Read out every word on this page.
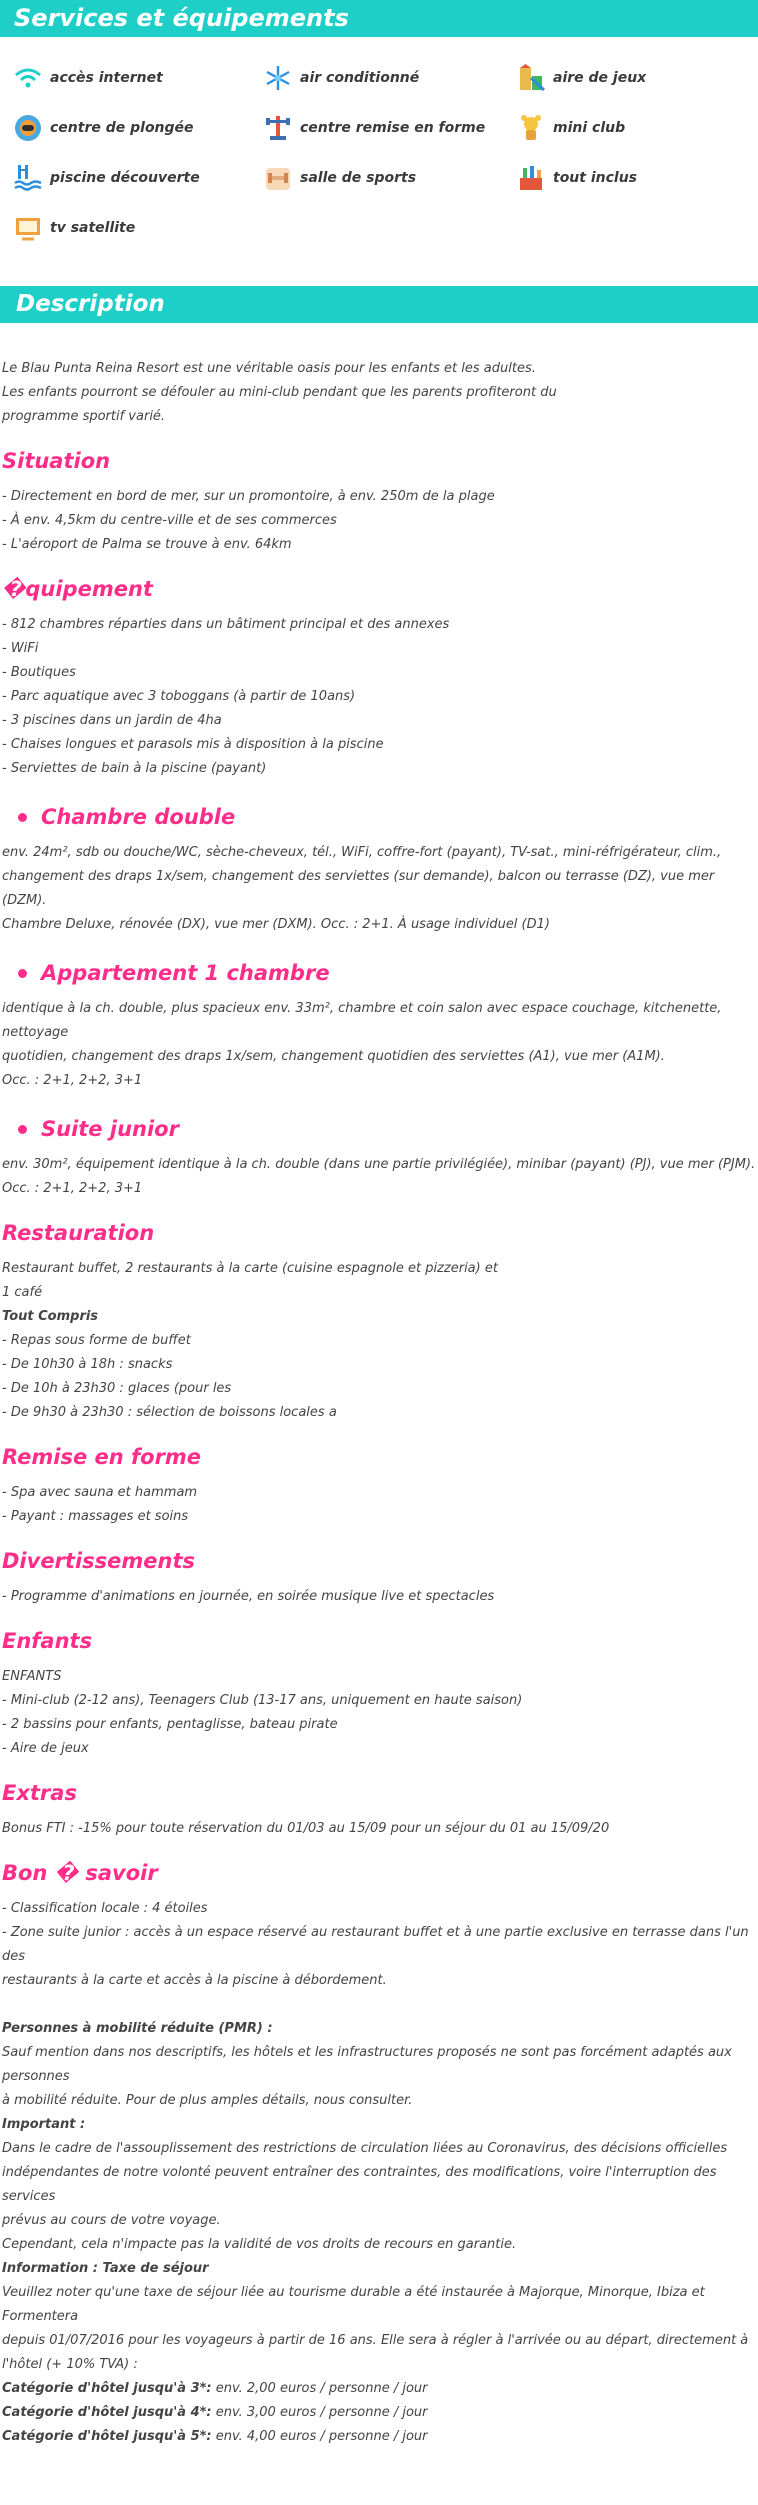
Services et équipements
accès internet	air conditionné	aire de jeux
centre de plongée	centre remise en forme	mini club
piscine découverte	salle de sports	tout inclus
tv satellite
Description

Le Blau Punta Reina Resort est une véritable oasis pour les enfants et les adultes.

Les enfants pourront se défouler au mini-club pendant que les parents profiteront du

programme sportif varié.

Situation

- Directement en bord de mer, sur un promontoire, à env. 250m de la plage

- À env. 4,5km du centre-ville et de ses commerces

- L'aéroport de Palma se trouve à env. 64km

�quipement

- 812 chambres réparties dans un bâtiment principal et des annexes

- WiFi

- Boutiques

- Parc aquatique avec 3 toboggans (à partir de 10ans)

- 3 piscines dans un jardin de 4ha

- Chaises longues et parasols mis à disposition à la piscine

- Serviettes de bain à la piscine (payant)

Chambre double

env. 24m², sdb ou douche/WC, sèche-cheveux, tél., WiFi, coffre-fort (payant), TV-sat., mini-réfrigérateur, clim.,

changement des draps 1x/sem, changement des serviettes (sur demande), balcon ou terrasse (DZ), vue mer (DZM).

Chambre Deluxe, rénovée (DX), vue mer (DXM). Occ. : 2+1. À usage individuel (D1)

Appartement 1 chambre

identique à la ch. double, plus spacieux env. 33m², chambre et coin salon avec espace couchage, kitchenette, nettoyage

quotidien, changement des draps 1x/sem, changement quotidien des serviettes (A1), vue mer (A1M).

Occ. : 2+1, 2+2, 3+1

Suite junior

env. 30m², équipement identique à la ch. double (dans une partie privilégiée), minibar (payant) (PJ), vue mer (PJM).

Occ. : 2+1, 2+2, 3+1

Restauration

Restaurant buffet, 2 restaurants à la carte (cuisine espagnole et pizzeria) et

1 café

Tout Compris

- Repas sous forme de buffet

- De 10h30 à 18h : snacks

- De 10h à 23h30 : glaces (pour les

- De 9h30 à 23h30 : sélection de boissons locales a

Remise en forme

- Spa avec sauna et hammam

- Payant : massages et soins

Divertissements

- Programme d'animations en journée, en soirée musique live et spectacles

Enfants

ENFANTS

- Mini-club (2-12 ans), Teenagers Club (13-17 ans, uniquement en haute saison)

- 2 bassins pour enfants, pentaglisse, bateau pirate

- Aire de jeux

Extras

Bonus FTI : -15% pour toute réservation du 01/03 au 15/09 pour un séjour du 01 au 15/09/20

Bon � savoir

- Classification locale : 4 étoiles

- Zone suite junior : accès à un espace réservé au restaurant buffet et à une partie exclusive en terrasse dans l'un des

restaurants à la carte et accès à la piscine à débordement.

Personnes à mobilité réduite (PMR) :

Sauf mention dans nos descriptifs, les hôtels et les infrastructures proposés ne sont pas forcément adaptés aux personnes

à mobilité réduite. Pour de plus amples détails, nous consulter.

Important :

Dans le cadre de l'assouplissement des restrictions de circulation liées au Coronavirus, des décisions officielles

indépendantes de notre volonté peuvent entraîner des contraintes, des modifications, voire l'interruption des services

prévus au cours de votre voyage.

Cependant, cela n'impacte pas la validité de vos droits de recours en garantie.

Information : Taxe de séjour

Veuillez noter qu'une taxe de séjour liée au tourisme durable a été instaurée à Majorque, Minorque, Ibiza et Formentera

depuis 01/07/2016 pour les voyageurs à partir de 16 ans. Elle sera à régler à l'arrivée ou au départ, directement à

l'hôtel (+ 10% TVA) :

Catégorie d'hôtel jusqu'à 3*: env. 2,00 euros / personne / jour

Catégorie d'hôtel jusqu'à 4*: env. 3,00 euros / personne / jour

Catégorie d'hôtel jusqu'à 5*: env. 4,00 euros / personne / jour
